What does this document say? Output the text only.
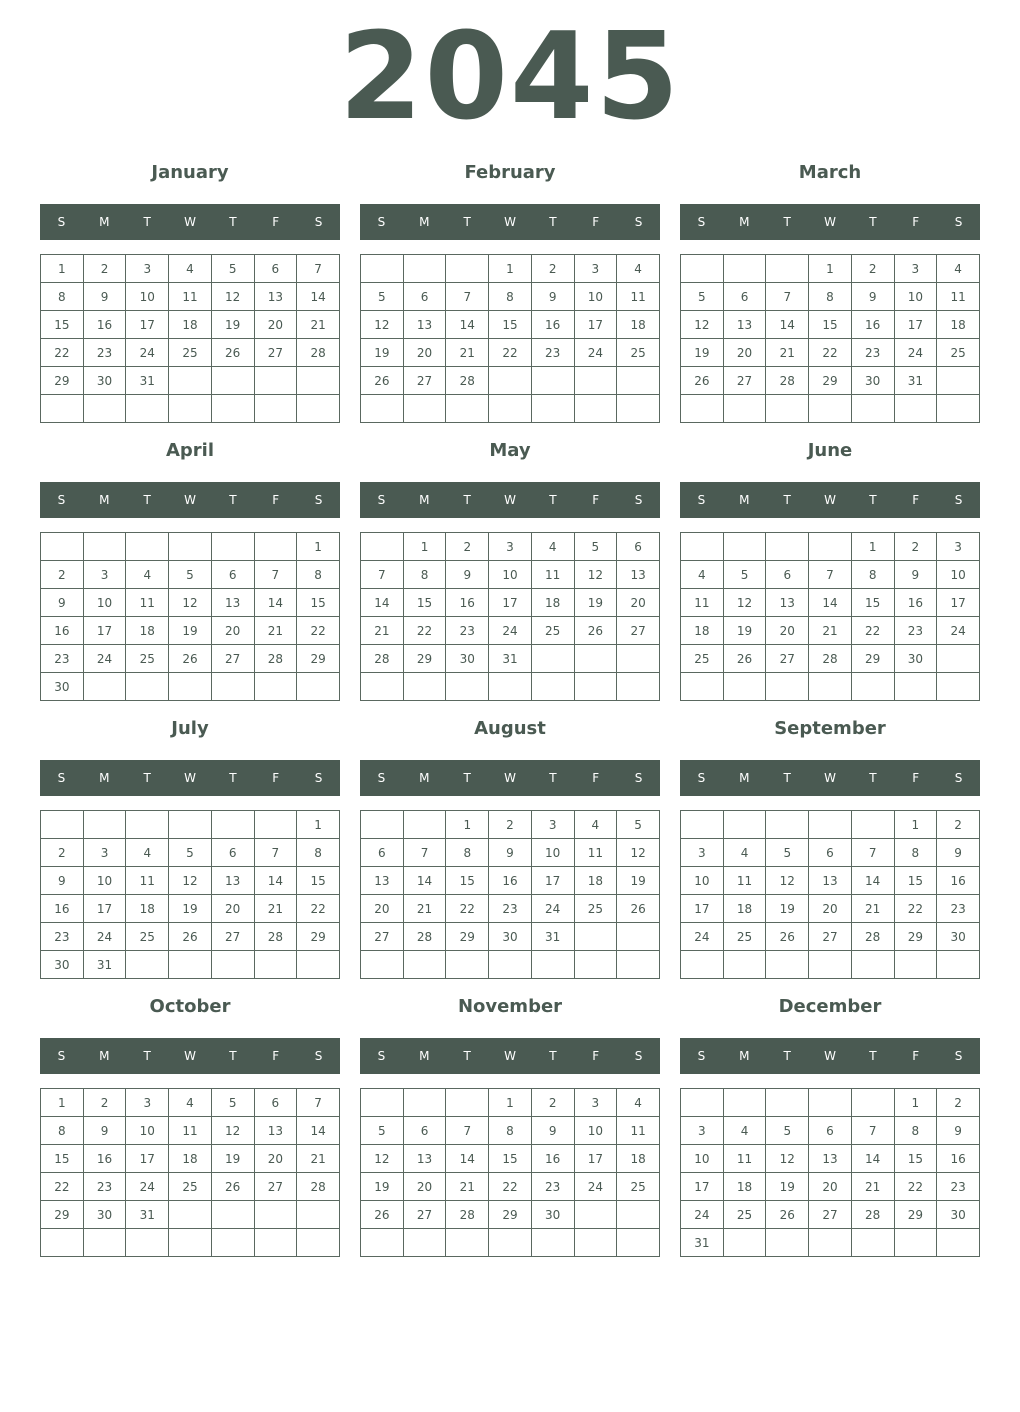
2045
January
S	M	T	W	T	F	S
1	2	3	4	5	6	7
8	9	10	11	12	13	14
15	16	17	18	19	20	21
22	23	24	25	26	27	28
29	30	31				

February
S	M	T	W	T	F	S
			1	2	3	4
5	6	7	8	9	10	11
12	13	14	15	16	17	18
19	20	21	22	23	24	25
26	27	28				

March
S	M	T	W	T	F	S
			1	2	3	4
5	6	7	8	9	10	11
12	13	14	15	16	17	18
19	20	21	22	23	24	25
26	27	28	29	30	31	

April
S	M	T	W	T	F	S
						1
2	3	4	5	6	7	8
9	10	11	12	13	14	15
16	17	18	19	20	21	22
23	24	25	26	27	28	29
30						
May
S	M	T	W	T	F	S
	1	2	3	4	5	6
7	8	9	10	11	12	13
14	15	16	17	18	19	20
21	22	23	24	25	26	27
28	29	30	31			

June
S	M	T	W	T	F	S
				1	2	3
4	5	6	7	8	9	10
11	12	13	14	15	16	17
18	19	20	21	22	23	24
25	26	27	28	29	30	

July
S	M	T	W	T	F	S
						1
2	3	4	5	6	7	8
9	10	11	12	13	14	15
16	17	18	19	20	21	22
23	24	25	26	27	28	29
30	31					
August
S	M	T	W	T	F	S
		1	2	3	4	5
6	7	8	9	10	11	12
13	14	15	16	17	18	19
20	21	22	23	24	25	26
27	28	29	30	31		

September
S	M	T	W	T	F	S
					1	2
3	4	5	6	7	8	9
10	11	12	13	14	15	16
17	18	19	20	21	22	23
24	25	26	27	28	29	30

October
S	M	T	W	T	F	S
1	2	3	4	5	6	7
8	9	10	11	12	13	14
15	16	17	18	19	20	21
22	23	24	25	26	27	28
29	30	31				

November
S	M	T	W	T	F	S
			1	2	3	4
5	6	7	8	9	10	11
12	13	14	15	16	17	18
19	20	21	22	23	24	25
26	27	28	29	30		

December
S	M	T	W	T	F	S
					1	2
3	4	5	6	7	8	9
10	11	12	13	14	15	16
17	18	19	20	21	22	23
24	25	26	27	28	29	30
31						
